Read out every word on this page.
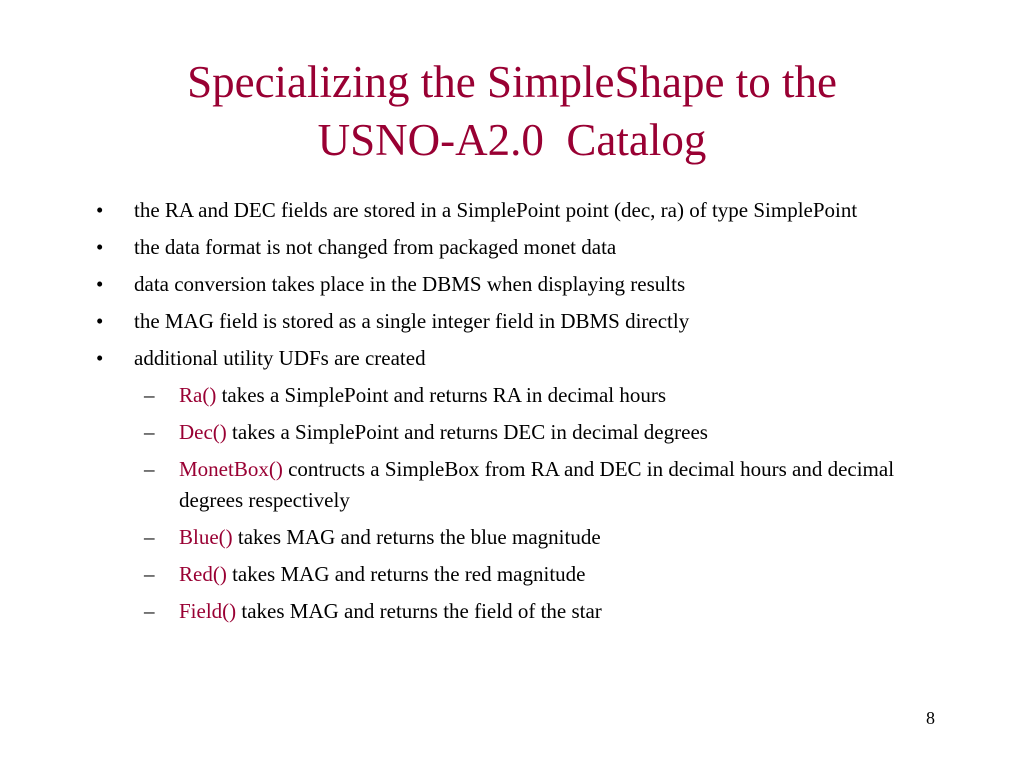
Specializing the SimpleShape to the
USNO-A2.0  Catalog
• the RA and DEC fields are stored in a SimplePoint point (dec, ra) of type SimplePoint
• the data format is not changed from packaged monet data
• data conversion takes place in the DBMS when displaying results
• the MAG field is stored as a single integer field in DBMS directly
• additional utility UDFs are created
– Ra() takes a SimplePoint and returns RA in decimal hours
– Dec() takes a SimplePoint and returns DEC in decimal degrees
– MonetBox() contructs a SimpleBox from RA and DEC in decimal hours and decimal degrees respectively
– Blue() takes MAG and returns the blue magnitude
– Red() takes MAG and returns the red magnitude
– Field() takes MAG and returns the field of the star
8
